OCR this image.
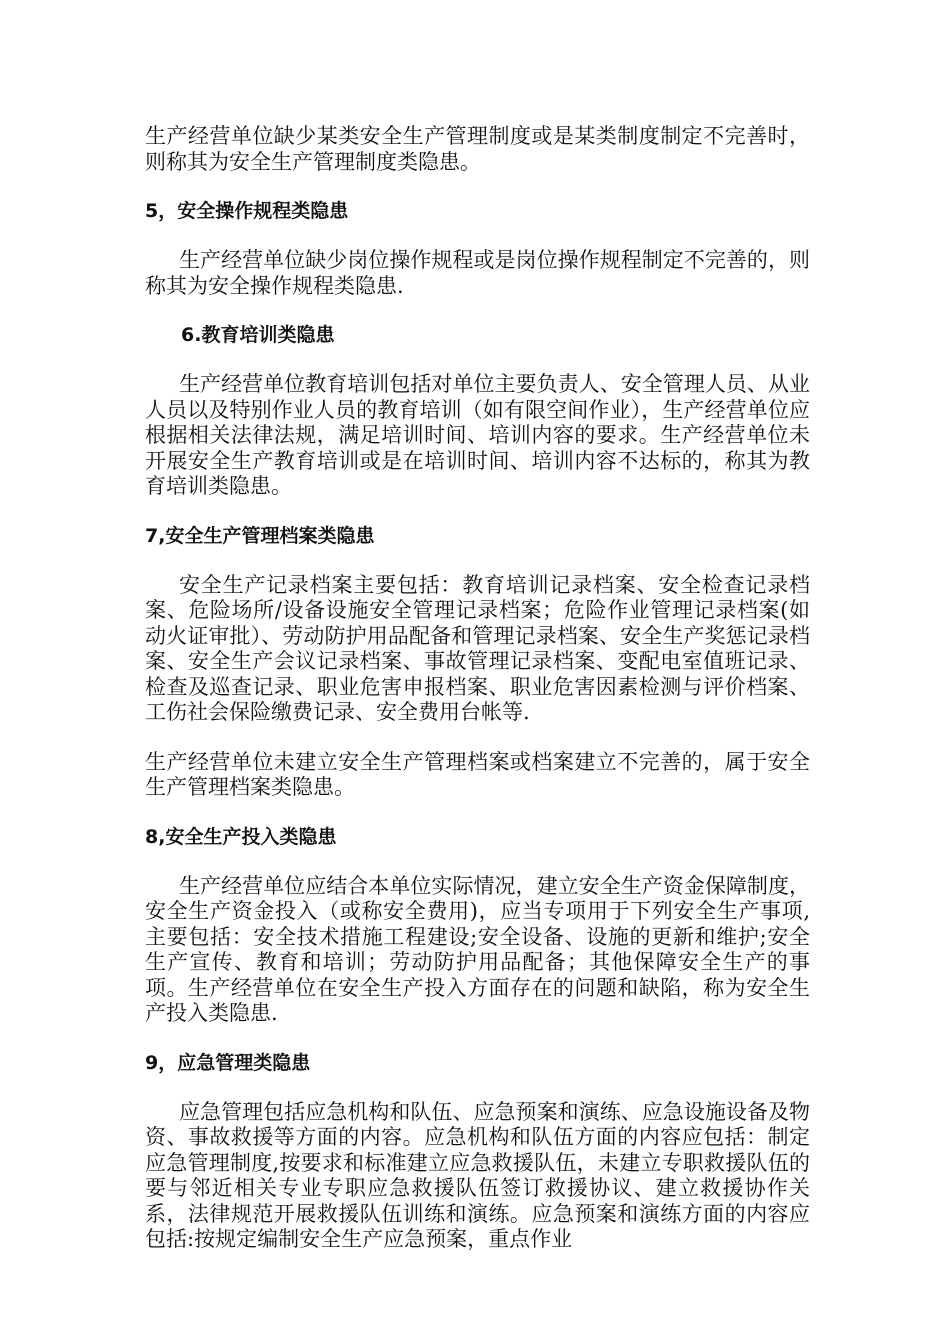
生产经营单位缺少某类安全生产管理制度或是某类制度制定不完善时，则称其为安全生产管理制度类隐患。

5，安全操作规程类隐患

生产经营单位缺少岗位操作规程或是岗位操作规程制定不完善的，则称其为安全操作规程类隐患.

6.教育培训类隐患

生产经营单位教育培训包括对单位主要负责人、安全管理人员、从业人员以及特别作业人员的教育培训（如有限空间作业），生产经营单位应根据相关法律法规，满足培训时间、培训内容的要求。生产经营单位未开展安全生产教育培训或是在培训时间、培训内容不达标的，称其为教育培训类隐患。

7,安全生产管理档案类隐患

安全生产记录档案主要包括：教育培训记录档案、安全检查记录档案、危险场所/设备设施安全管理记录档案；危险作业管理记录档案(如动火证审批）、劳动防护用品配备和管理记录档案、安全生产奖惩记录档案、安全生产会议记录档案、事故管理记录档案、变配电室值班记录、检查及巡查记录、职业危害申报档案、职业危害因素检测与评价档案、工伤社会保险缴费记录、安全费用台帐等.

生产经营单位未建立安全生产管理档案或档案建立不完善的，属于安全生产管理档案类隐患。

8,安全生产投入类隐患

生产经营单位应结合本单位实际情况，建立安全生产资金保障制度，安全生产资金投入（或称安全费用)，应当专项用于下列安全生产事项,主要包括：安全技术措施工程建设;安全设备、设施的更新和维护;安全生产宣传、教育和培训；劳动防护用品配备；其他保障安全生产的事项。生产经营单位在安全生产投入方面存在的问题和缺陷，称为安全生产投入类隐患.

9，应急管理类隐患

应急管理包括应急机构和队伍、应急预案和演练、应急设施设备及物资、事故救援等方面的内容。应急机构和队伍方面的内容应包括：制定应急管理制度,按要求和标准建立应急救援队伍，未建立专职救援队伍的要与邻近相关专业专职应急救援队伍签订救援协议、建立救援协作关系，法律规范开展救援队伍训练和演练。应急预案和演练方面的内容应包括:按规定编制安全生产应急预案，重点作业
